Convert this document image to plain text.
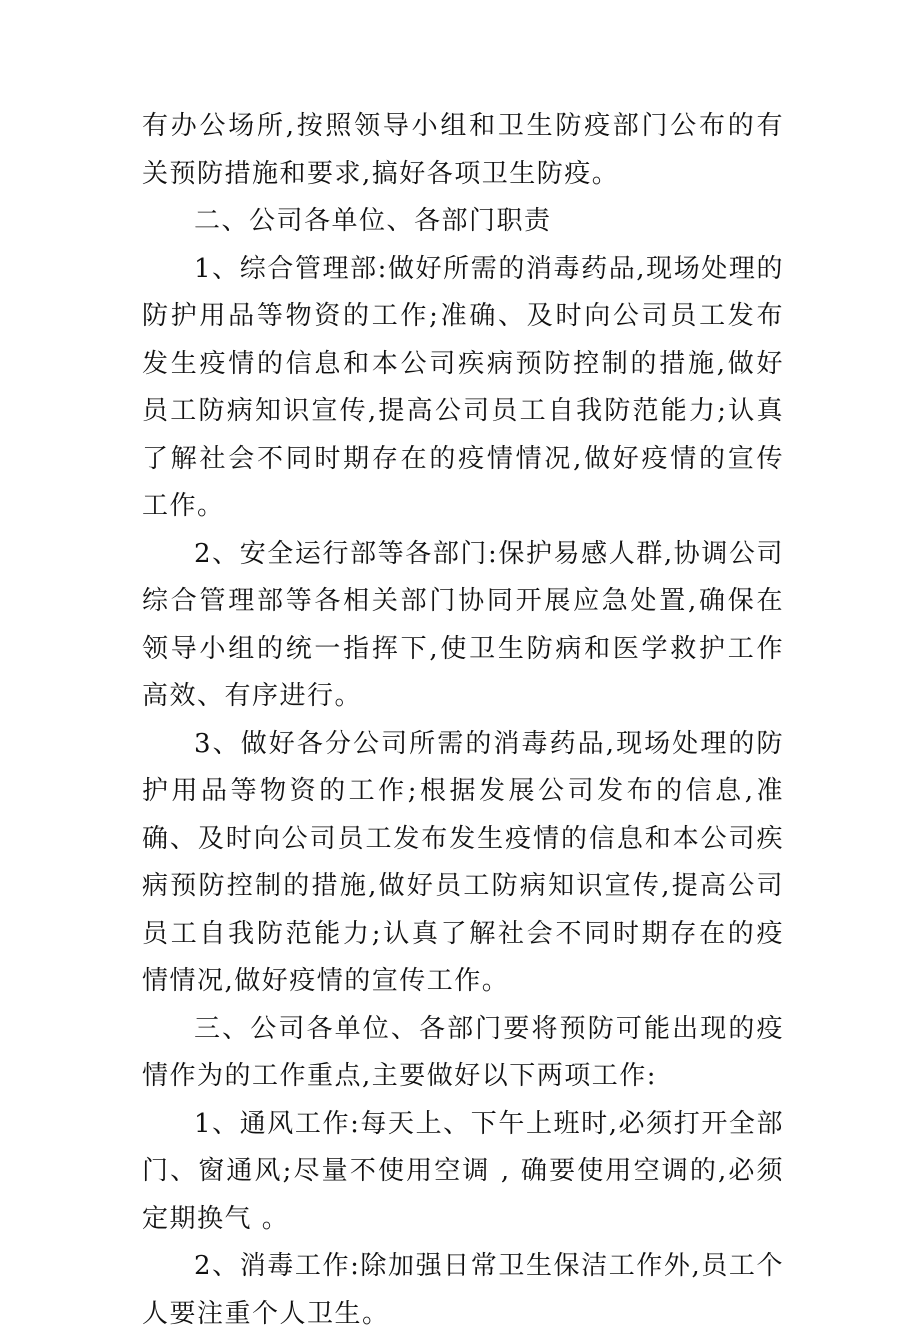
有办公场所,按照领导小组和卫生防疫部门公布的有关预防措施和要求,搞好各项卫生防疫。

二、公司各单位、各部门职责

1、综合管理部:做好所需的消毒药品,现场处理的防护用品等物资的工作;准确、及时向公司员工发布发生疫情的信息和本公司疾病预防控制的措施,做好员工防病知识宣传,提高公司员工自我防范能力;认真了解社会不同时期存在的疫情情况,做好疫情的宣传工作。

2、安全运行部等各部门:保护易感人群,协调公司综合管理部等各相关部门协同开展应急处置,确保在领导小组的统一指挥下,使卫生防病和医学救护工作高效、有序进行。

3、做好各分公司所需的消毒药品,现场处理的防护用品等物资的工作;根据发展公司发布的信息,准确、及时向公司员工发布发生疫情的信息和本公司疾病预防控制的措施,做好员工防病知识宣传,提高公司员工自我防范能力;认真了解社会不同时期存在的疫情情况,做好疫情的宣传工作。

三、公司各单位、各部门要将预防可能出现的疫情作为的工作重点,主要做好以下两项工作:

1、通风工作:每天上、下午上班时,必须打开全部门、窗通风;尽量不使用空调 , 确要使用空调的,必须定期换气 。

2、消毒工作:除加强日常卫生保洁工作外,员工个人要注重个人卫生。
